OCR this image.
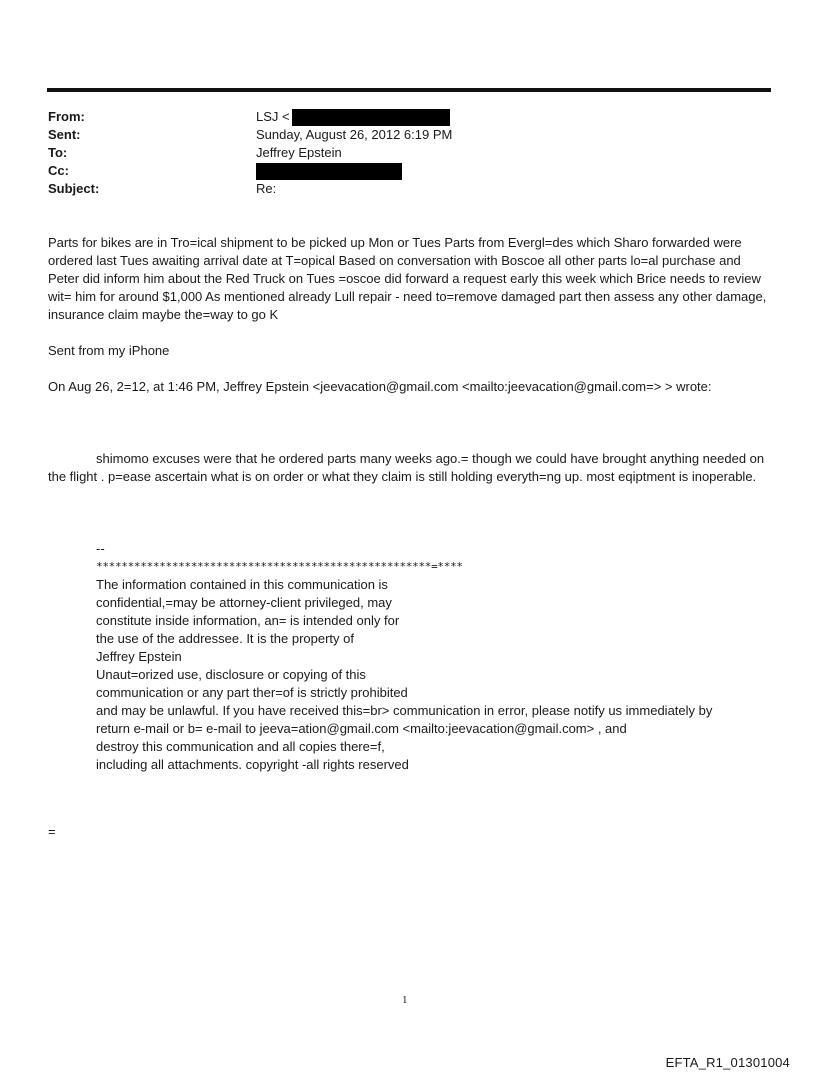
From:	LSJ <
Sent:	Sunday, August 26, 2012 6:19 PM
To:	Jeffrey Epstein
Cc:
Subject:	Re:

Parts for bikes are in Tro=ical shipment to be picked up Mon or Tues Parts from Evergl=des which Sharo forwarded were ordered last Tues awaiting arrival date at T=opical Based on conversation with Boscoe all other parts lo=al purchase and Peter did inform him about the Red Truck on Tues =oscoe did forward a request early this week which Brice needs to review wit= him for around $1,000 As mentioned already Lull repair - need to=remove damaged part then assess any other damage, insurance claim maybe the=way to go K

Sent from my iPhone

On Aug 26, 2=12, at 1:46 PM, Jeffrey Epstein <jeevacation@gmail.com <mailto:jeevacation@gmail.com=> > wrote:

shimomo excuses were that he ordered parts many weeks ago.= though we could have brought anything needed on the flight . p=ease ascertain what is on order or what they claim is still holding everyth=ng up. most eqiptment is inoperable.

--
*****************************************************=****
The information contained in this communication is
confidential,=may be attorney-client privileged, may
constitute inside information, an= is intended only for
the use of the addressee. It is the property of
Jeffrey Epstein
Unaut=orized use, disclosure or copying of this
communication or any part ther=of is strictly prohibited
and may be unlawful. If you have received this=br> communication in error, please notify us immediately by
return e-mail or b= e-mail to jeeva=ation@gmail.com <mailto:jeevacation@gmail.com> , and
destroy this communication and all copies there=f,
including all attachments. copyright -all rights reserved
=
1
EFTA_R1_01301004
